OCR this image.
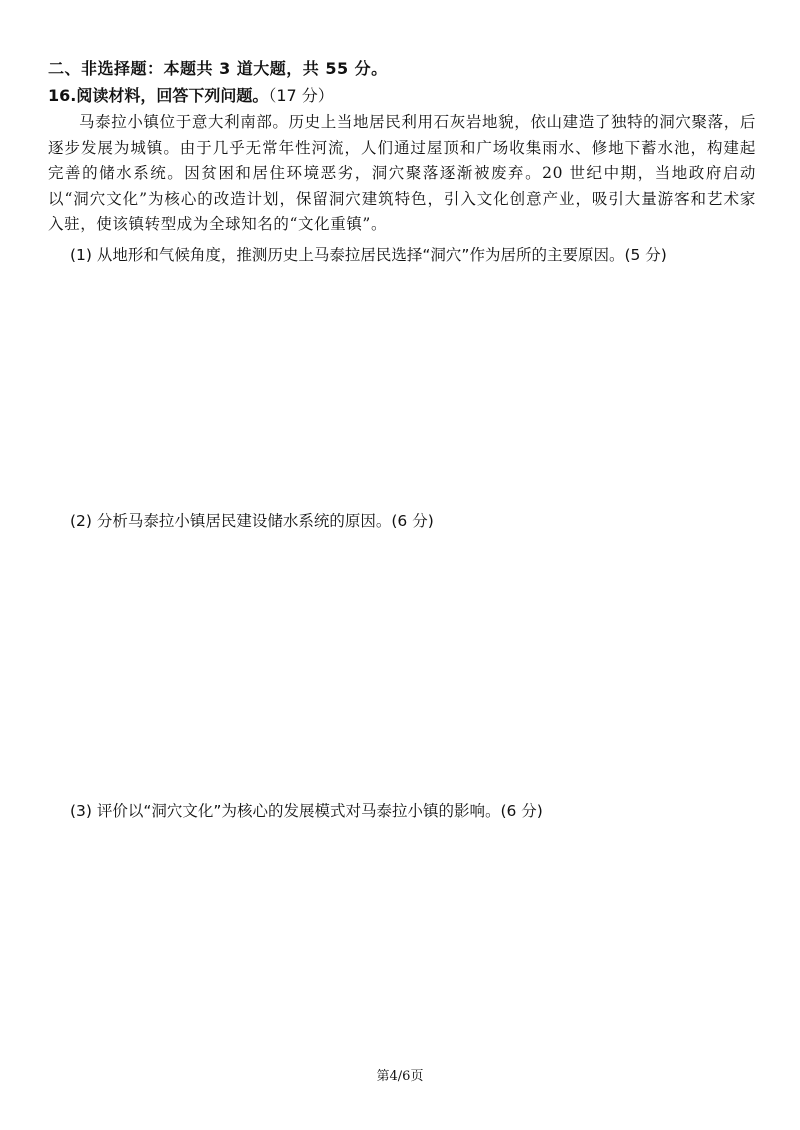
二、非选择题：本题共 3 道大题，共 55 分。
16.阅读材料，回答下列问题。（17 分）
马泰拉小镇位于意大利南部。历史上当地居民利用石灰岩地貌，依山建造了独特的洞穴聚落，后逐步发展为城镇。由于几乎无常年性河流，人们通过屋顶和广场收集雨水、修地下蓄水池，构建起完善的储水系统。因贫困和居住环境恶劣，洞穴聚落逐渐被废弃。20 世纪中期，当地政府启动以“洞穴文化”为核心的改造计划，保留洞穴建筑特色，引入文化创意产业，吸引大量游客和艺术家入驻，使该镇转型成为全球知名的“文化重镇”。
(1) 从地形和气候角度，推测历史上马泰拉居民选择“洞穴”作为居所的主要原因。(5 分)
(2) 分析马泰拉小镇居民建设储水系统的原因。(6 分)
(3) 评价以“洞穴文化”为核心的发展模式对马泰拉小镇的影响。(6 分)
第4/6页
